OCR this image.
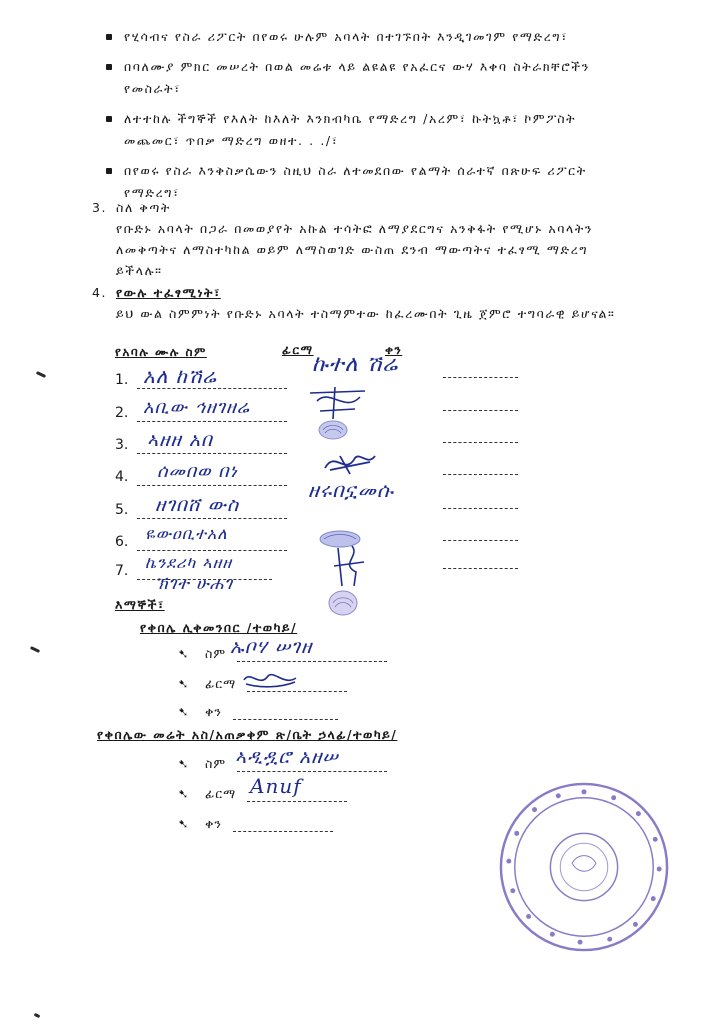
የሂሳብና የስራ ሪፖርት በየወሩ ሁሉም አባላት በተገኙበት እንዲገመገም የማድረግ፣
በባለሙያ ምክር መሠረት በወል መሬቱ ላይ ልዩልዩ የአፈርና ውሃ እቀባ ስትራክቸሮችን የመስራት፣
ለተተከሉ ችግኞች የእለት ከእለት እንክብካቤ የማድረግ /አረም፣ ኩትኳቶ፣ ኮምፖስት መጨመር፣ ጥበቃ ማድረግ ወዘተ. . ./፣
በየወሩ የስራ እንቅስቃሴውን ስዚህ ስራ ለተመደበው የልማት ሰራተኛ በጽሁፍ ሪፖርት የማድረግ፣
3. ስለ ቅጣት
የቡድኑ አባላት በጋራ በመወያየት አኩል ተሳትፎ ለማያደርግና አንቅፋት የሚሆኑ አባላትን ለመቅጣትና ለማስተካከል ወይም ለማስወገድ ውስጠ ደንብ ማውጣትና ተፈፃሚ ማድረግ ይችላሉ።
4. የውሉ ተፈፃሚነት፣
ይህ ውል ስምምነት የቡድኑ አባላት ተስማምተው ከፈረሙበት ጊዜ ጀምሮ ተግባራዊ ይሆናል።
የአባሉ ሙሉ ስም	ፊርማ	ቀን
1. አለ ከሽሬ
2. አቢው ኅዘገዘሬ
3. ኣዘዘ አበ
4. ሰመበወ በነ
5. ዘገበሸ ውስ
6. ዬውዐቢተአለ
7. ኬንደሪካ ኣዘዘ
ኽገተ ሁሐገ
ኩተለ ሽሬ
ዘሩበኗመሱ
እማኞች፣
የቀበሌ ሊቀመንበር /ተወካይ/
➷ ስም ኡቦሃ ሠገዘ
➷ ፊርማ
➷ ቀን
የቀበሌው መሬት አስ/አጠቃቀም ጽ/ቤት ኃላፊ/ተወካይ/
➷ ስም ኣዲዷሮ አዘሠ
➷ ፊርማ Anuf
➷ ቀን
